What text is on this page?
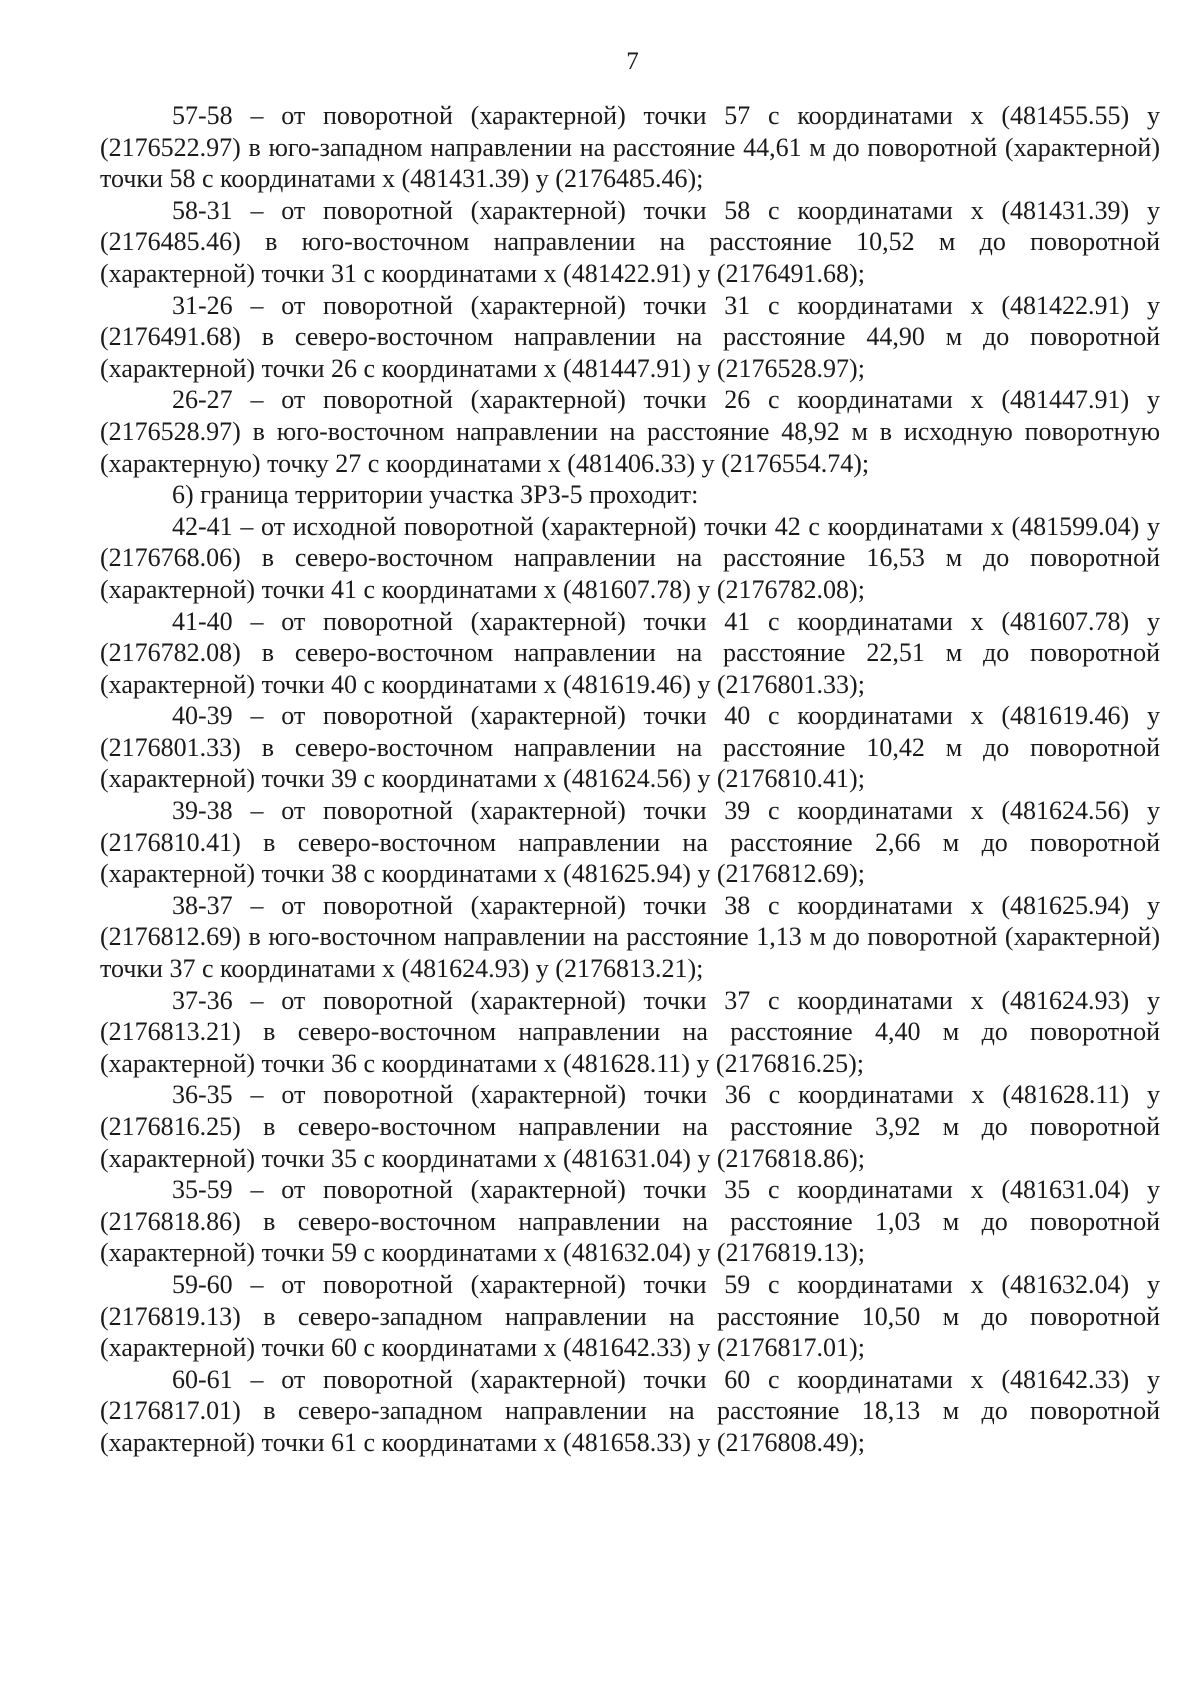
7

57-58 – от поворотной (характерной) точки 57 с координатами х (481455.55) у (2176522.97) в юго-западном направлении на расстояние 44,61 м до поворотной (характерной) точки 58 с координатами х (481431.39) у (2176485.46);

58-31 – от поворотной (характерной) точки 58 с координатами х (481431.39) у (2176485.46) в юго-восточном направлении на расстояние 10,52 м до поворотной (характерной) точки 31 с координатами х (481422.91) у (2176491.68);

31-26 – от поворотной (характерной) точки 31 с координатами х (481422.91) у (2176491.68) в северо-восточном направлении на расстояние 44,90 м до поворотной (характерной) точки 26 с координатами х (481447.91) у (2176528.97);

26-27 – от поворотной (характерной) точки 26 с координатами х (481447.91) у (2176528.97) в юго-восточном направлении на расстояние 48,92 м в исходную поворотную (характерную) точку 27 с координатами х (481406.33) у (2176554.74);

6) граница территории участка ЗРЗ-5 проходит:

42-41 – от исходной поворотной (характерной) точки 42 с координатами х (481599.04) у (2176768.06) в северо-восточном направлении на расстояние 16,53 м до поворотной (характерной) точки 41 с координатами х (481607.78) у (2176782.08);

41-40 – от поворотной (характерной) точки 41 с координатами х (481607.78) у (2176782.08) в северо-восточном направлении на расстояние 22,51 м до поворотной (характерной) точки 40 с координатами х (481619.46) у (2176801.33);

40-39 – от поворотной (характерной) точки 40 с координатами х (481619.46) у (2176801.33) в северо-восточном направлении на расстояние 10,42 м до поворотной (характерной) точки 39 с координатами х (481624.56) у (2176810.41);

39-38 – от поворотной (характерной) точки 39 с координатами х (481624.56) у (2176810.41) в северо-восточном направлении на расстояние 2,66 м до поворотной (характерной) точки 38 с координатами х (481625.94) у (2176812.69);

38-37 – от поворотной (характерной) точки 38 с координатами х (481625.94) у (2176812.69) в юго-восточном направлении на расстояние 1,13 м до поворотной (характерной) точки 37 с координатами х (481624.93) у (2176813.21);

37-36 – от поворотной (характерной) точки 37 с координатами х (481624.93) у (2176813.21) в северо-восточном направлении на расстояние 4,40 м до поворотной (характерной) точки 36 с координатами х (481628.11) у (2176816.25);

36-35 – от поворотной (характерной) точки 36 с координатами х (481628.11) у (2176816.25) в северо-восточном направлении на расстояние 3,92 м до поворотной (характерной) точки 35 с координатами х (481631.04) у (2176818.86);

35-59 – от поворотной (характерной) точки 35 с координатами х (481631.04) у (2176818.86) в северо-восточном направлении на расстояние 1,03 м до поворотной (характерной) точки 59 с координатами х (481632.04) у (2176819.13);

59-60 – от поворотной (характерной) точки 59 с координатами х (481632.04) у (2176819.13) в северо-западном направлении на расстояние 10,50 м до поворотной (характерной) точки 60 с координатами х (481642.33) у (2176817.01);

60-61 – от поворотной (характерной) точки 60 с координатами х (481642.33) у (2176817.01) в северо-западном направлении на расстояние 18,13 м до поворотной (характерной) точки 61 с координатами х (481658.33) у (2176808.49);
